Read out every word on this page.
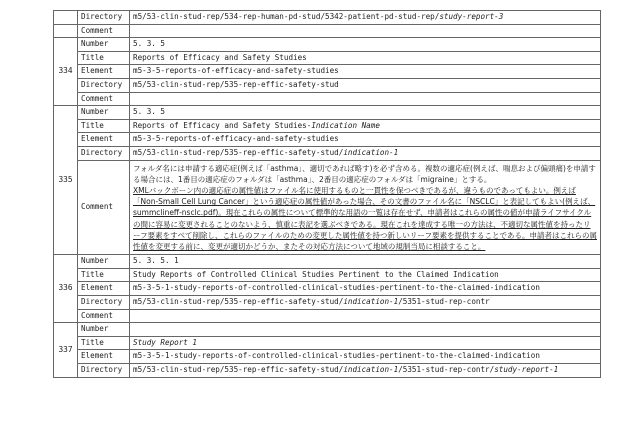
	Directory	m5/53-clin-stud-rep/534-rep-human-pd-stud/5342-patient-pd-stud-rep/study-report-3
	Comment	
334	Number	5. 3. 5
	Title	Reports of Efficacy and Safety Studies
	Element	m5-3-5-reports-of-efficacy-and-safety-studies
	Directory	m5/53-clin-stud-rep/535-rep-effic-safety-stud
	Comment	
335	Number	5. 3. 5
	Title	Reports of Efficacy and Safety Studies-Indication Name
	Element	m5-3-5-reports-of-efficacy-and-safety-studies
	Directory	m5/53-clin-stud-rep/535-rep-effic-safety-stud/indication-1
	Comment	フォルダ名には申請する適応症(例えば「asthma」、適切であれば略す)を必ず含める。複数の適応症(例えば、喘息および偏頭痛)を申請する場合には、1番目の適応症のフォルダは「asthma」、2番目の適応症のフォルダは「migraine」とする。
XMLバックボーン内の適応症の属性値はファイル名に使用するものと一貫性を保つべきであるが、違うものであってもよい。例えば「Non-Small Cell Lung Cancer」という適応症の属性値があった場合、その文書のファイル名に「NSCLC」と表記してもよい(例えば、summclineff-nsclc.pdf)。現在これらの属性について標準的な用語の一覧は存在せず、申請者はこれらの属性の値が申請ライフサイクルの間に容易に変更されることのないよう、慎重に表記を選ぶべきである。現在これを達成する唯一の方法は、不適切な属性値を持ったリーフ要素をすべて削除し、これらのファイルのための変更した属性値を持つ新しいリーフ要素を提供することである。申請者はこれらの属性値を変更する前に、変更が適切かどうか、またその対応方法について地域の規制当局に相談すること。

336	Number	5. 3. 5. 1
	Title	Study Reports of Controlled Clinical Studies Pertinent to the Claimed Indication
	Element	m5-3-5-1-study-reports-of-controlled-clinical-studies-pertinent-to-the-claimed-indication
	Directory	m5/53-clin-stud-rep/535-rep-effic-safety-stud/indication-1/5351-stud-rep-contr
	Comment	
337	Number	
	Title	Study Report 1
	Element	m5-3-5-1-study-reports-of-controlled-clinical-studies-pertinent-to-the-claimed-indication
	Directory	m5/53-clin-stud-rep/535-rep-effic-safety-stud/indication-1/5351-stud-rep-contr/study-report-1
